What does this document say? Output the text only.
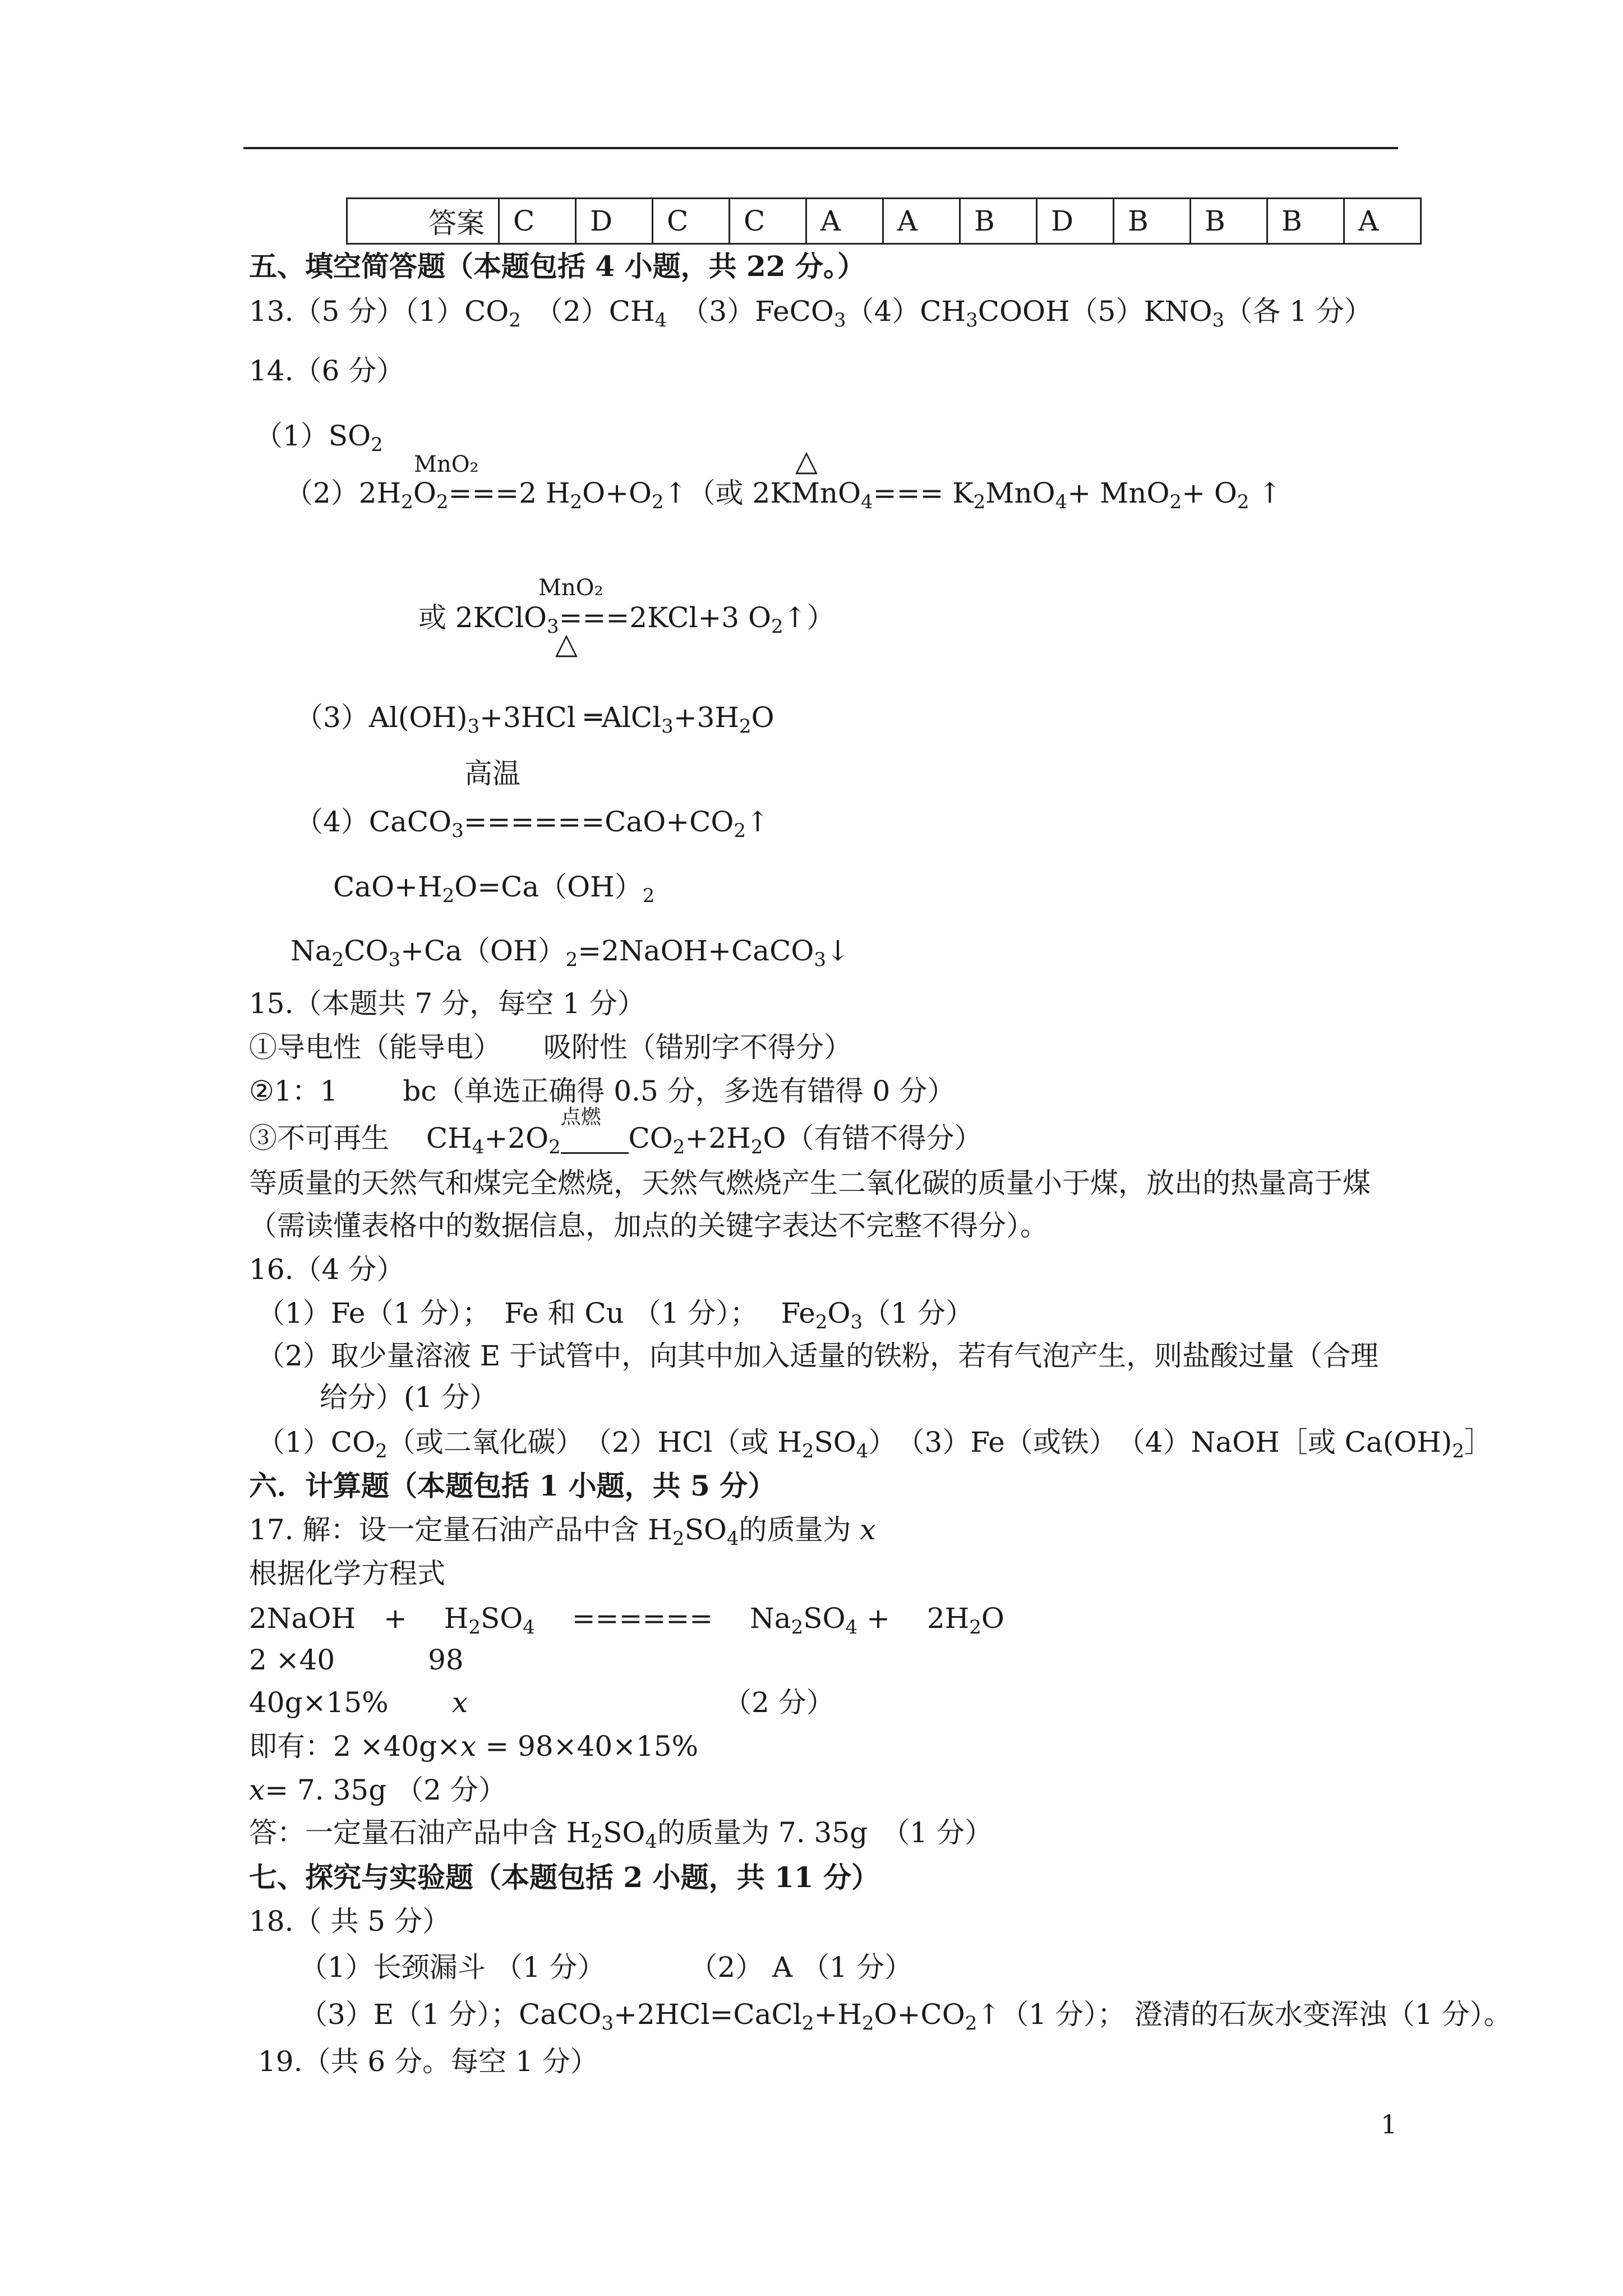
答案	C	D	C	C	A	A	B	D	B	B	B	A
五、填空简答题（本题包括 4 小题，共 22 分。）
13.（5 分）$(1)CO_2$　$(2)CH_4$　$(3)FeCO_3(4)CH_3COOH(5)KNO_3$（各 1 分）
14.（6 分）
$(1)SO_2$
MnO₂	△
$(2)2H_2O_2===2$ $H_2O+O_2↑$（或 2KMnO$_4$=== $K_2MnO_4+ MnO_2+ O_2$ ↑
MnO₂
或 2KClO$_3$===2KCl+3 $O_2↑$）
△
$(3)Al(OH)_3+3HCl$ $═AlCl_3+3H_2O$
高温
$(4)CaCO_3======CaO+CO_2↑$
$CaO+H_2O=Ca(OH)_2$
$Na_2CO_3+Ca(OH)_2=2NaOH+CaCO_3↓$
15.（本题共 7 分，每空 1 分）
①导电性（能导电）　　吸附性（错别字不得分）
②1：1　　 bc（单选正确得 0.5 分，多选有错得 0 分）
③不可再生　 $CH_4+2O_2$
点燃
$CO_2+2H_2O$（有错不得分）
等质量的天然气和煤完全燃烧，天然气燃烧产生二氧化碳的质量小于煤，放出的热量高于煤
（需读懂表格中的数据信息，加点的关键字表达不完整不得分）。
16.（4 分）
（1）Fe（1 分）；　Fe 和 Cu （1 分）；　 $Fe_2O_3(1$ 分）
（2）取少量溶液 E 于试管中，向其中加入适量的铁粉，若有气泡产生，则盐酸过量（合理
给分）(1 分）
$(1)CO_2$（或二氧化碳）　（2）HCl（或 $H_2SO_4$）　（3）Fe（或铁）　（4）NaOH［或 $Ca(OH)_2]$
六．计算题（本题包括 1 小题，共 5 分）
17. 解：设一定量石油产品中含 $H_2SO_4$的质量为 x
根据化学方程式
2NaOH　+　 $H_2SO_4$　 ======　 $Na_2SO_4$ +　 $2H_2O$
2 ×40　　　 98
40g×15% x	（2 分）
即有：2 ×40g×x = 98×40×15%
x= 7. 35g （2 分）
答：一定量石油产品中含 $H_2SO_4$的质量为 7. 35g　（1 分）
七、探究与实验题（本题包括 2 小题，共 11 分）
18.（ 共 5 分）
（1）长颈漏斗 （1 分）　　　　（2） A （1 分）
（3）E（1 分）；$CaCO_3+2HCl=CaCl_2+H_2O+CO_2↑(1$ 分）； 澄清的石灰水变浑浊（1 分）。
19.（共 6 分。每空 1 分）
1
